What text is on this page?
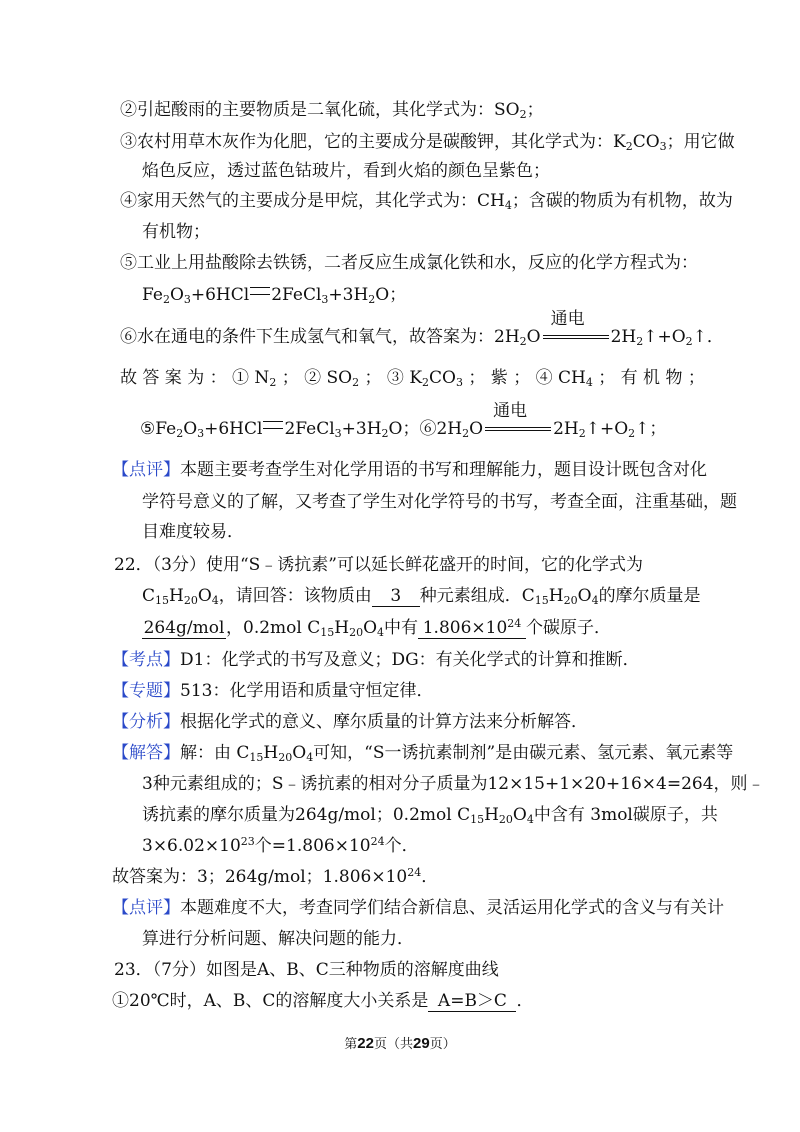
②引起酸雨的主要物质是二氧化硫，其化学式为：$SO_2$；
③农村用草木灰作为化肥，它的主要成分是碳酸钾，其化学式为：$K_2CO_3$；用它做
焰色反应，透过蓝色钴玻片，看到火焰的颜色呈紫色；
④家用天然气的主要成分是甲烷，其化学式为：$CH_4$；含碳的物质为有机物，故为
有机物；
⑤工业上用盐酸除去铁锈，二者反应生成氯化铁和水，反应的化学方程式为：
$Fe_2O_3+6HCl$ $2FeCl_3+3H_2O$；
⑥水在通电的条件下生成氢气和氧气，故答案为：$2H_2O$
通电
$2H_2↑+O_2↑$．
故 答 案 为 ： ① $N_2$ ； ② $SO_2$ ； ③ $K_2CO_3$ ； 紫 ； ④ $CH_4$ ； 有 机 物 ；
$⑤Fe_2O_3+6HCl$ $2FeCl_3+3H_2O$；$⑥2H_2O$
通电
$2H_2↑+O_2↑$；
【点评】本题主要考查学生对化学用语的书写和理解能力，题目设计既包含对化
学符号意义的了解，又考查了学生对化学符号的书写，考查全面，注重基础，题
目难度较易．
22．（3分）使用“S﹣诱抗素”可以延长鲜花盛开的时间，它的化学式为
$C_{15}H_{20}O_4$，请回答：该物质由 3 种元素组成．$C_{15}H_{20}O_4$的摩尔质量是
264g/mol，0.2mol $C_{15}H_{20}O_4$中有 $1.806\times 10^{24}$ 个碳原子．
【考点】D1：化学式的书写及意义；DG：有关化学式的计算和推断．
【专题】513：化学用语和质量守恒定律．
【分析】根据化学式的意义、摩尔质量的计算方法来分析解答．
【解答】解：由 $C_{15}H_{20}O_4$可知，“S一诱抗素制剂”是由碳元素、氢元素、氧元素等
3种元素组成的；S﹣诱抗素的相对分子质量为12×15+1×20+16×4=264，则﹣
诱抗素的摩尔质量为264g/mol；0.2mol $C_{15}H_{20}O_4$中含有 3mol碳原子，共
$3\times 6.02\times 10^{23}$个$=1.806\times 10^{24}$个．
故答案为：3；264g/mol；$1.806\times 10^{24}$．
【点评】本题难度不大，考查同学们结合新信息、灵活运用化学式的含义与有关计
算进行分析问题、解决问题的能力．
23．（7分）如图是A、B、C三种物质的溶解度曲线
①20℃时，A、B、C的溶解度大小关系是 A=B＞C ．
第22页（共29页）
